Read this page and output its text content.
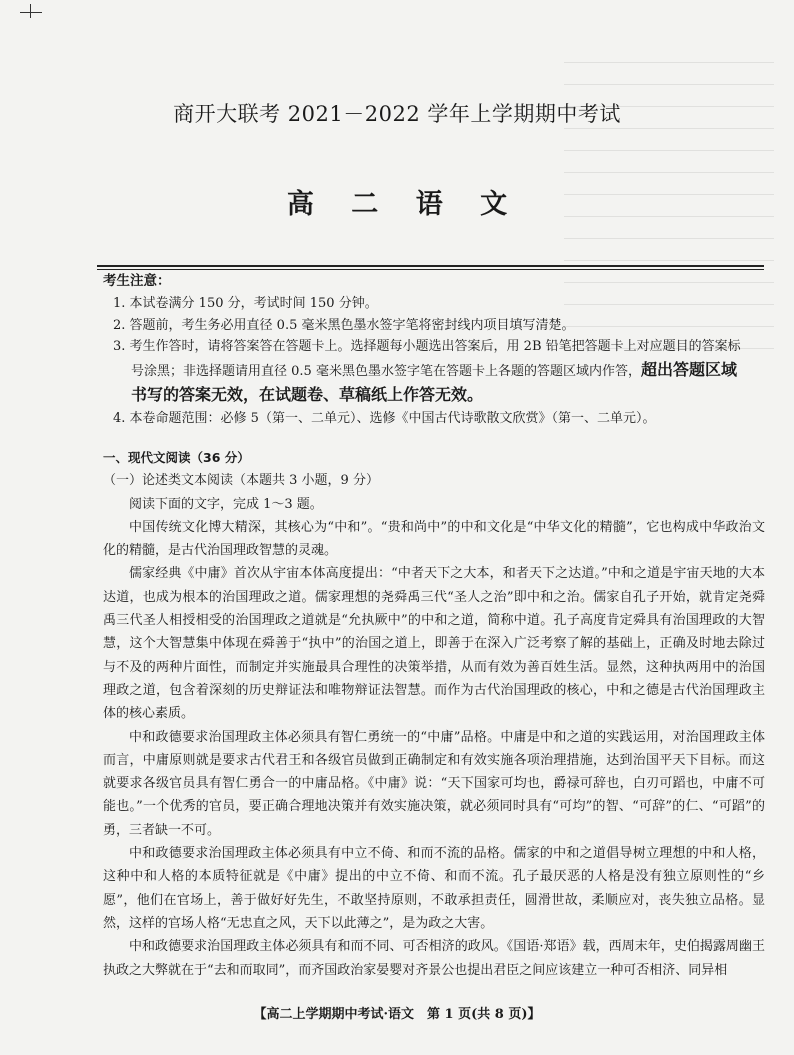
商开大联考 2021－2022 学年上学期期中考试
高 二 语 文
考生注意：
1. 本试卷满分 150 分，考试时间 150 分钟。
2. 答题前，考生务必用直径 0.5 毫米黑色墨水签字笔将密封线内项目填写清楚。
3. 考生作答时，请将答案答在答题卡上。选择题每小题选出答案后，用 2B 铅笔把答题卡上对应题目的答案标号涂黑；非选择题请用直径 0.5 毫米黑色墨水签字笔在答题卡上各题的答题区域内作答，超出答题区域书写的答案无效，在试题卷、草稿纸上作答无效。
4. 本卷命题范围：必修 5（第一、二单元）、选修《中国古代诗歌散文欣赏》（第一、二单元）。
一、现代文阅读（36 分）
（一）论述类文本阅读（本题共 3 小题，9 分）
阅读下面的文字，完成 1～3 题。
中国传统文化博大精深，其核心为“中和”。“贵和尚中”的中和文化是“中华文化的精髓”，它也构成中华政治文化的精髓，是古代治国理政智慧的灵魂。
儒家经典《中庸》首次从宇宙本体高度提出：“中者天下之大本，和者天下之达道。”中和之道是宇宙天地的大本达道，也成为根本的治国理政之道。儒家理想的尧舜禹三代“圣人之治”即中和之治。儒家自孔子开始，就肯定尧舜禹三代圣人相授相受的治国理政之道就是“允执厥中”的中和之道，简称中道。孔子高度肯定舜具有治国理政的大智慧，这个大智慧集中体现在舜善于“执中”的治国之道上，即善于在深入广泛考察了解的基础上，正确及时地去除过与不及的两种片面性，而制定并实施最具合理性的决策举措，从而有效为善百姓生活。显然，这种执两用中的治国理政之道，包含着深刻的历史辩证法和唯物辩证法智慧。而作为古代治国理政的核心，中和之德是古代治国理政主体的核心素质。
中和政德要求治国理政主体必须具有智仁勇统一的“中庸”品格。中庸是中和之道的实践运用，对治国理政主体而言，中庸原则就是要求古代君王和各级官员做到正确制定和有效实施各项治理措施，达到治国平天下目标。而这就要求各级官员具有智仁勇合一的中庸品格。《中庸》说：“天下国家可均也，爵禄可辞也，白刃可蹈也，中庸不可能也。”一个优秀的官员，要正确合理地决策并有效实施决策，就必须同时具有“可均”的智、“可辞”的仁、“可蹈”的勇，三者缺一不可。
中和政德要求治国理政主体必须具有中立不倚、和而不流的品格。儒家的中和之道倡导树立理想的中和人格，这种中和人格的本质特征就是《中庸》提出的中立不倚、和而不流。孔子最厌恶的人格是没有独立原则性的“乡愿”，他们在官场上，善于做好好先生，不敢坚持原则，不敢承担责任，圆滑世故，柔顺应对，丧失独立品格。显然，这样的官场人格“无忠直之风，天下以此薄之”，是为政之大害。
中和政德要求治国理政主体必须具有和而不同、可否相济的政风。《国语·郑语》载，西周末年，史伯揭露周幽王执政之大弊就在于“去和而取同”，而齐国政治家晏婴对齐景公也提出君臣之间应该建立一种可否相济、同异相
【高二上学期期中考试·语文　第 1 页(共 8 页)】
